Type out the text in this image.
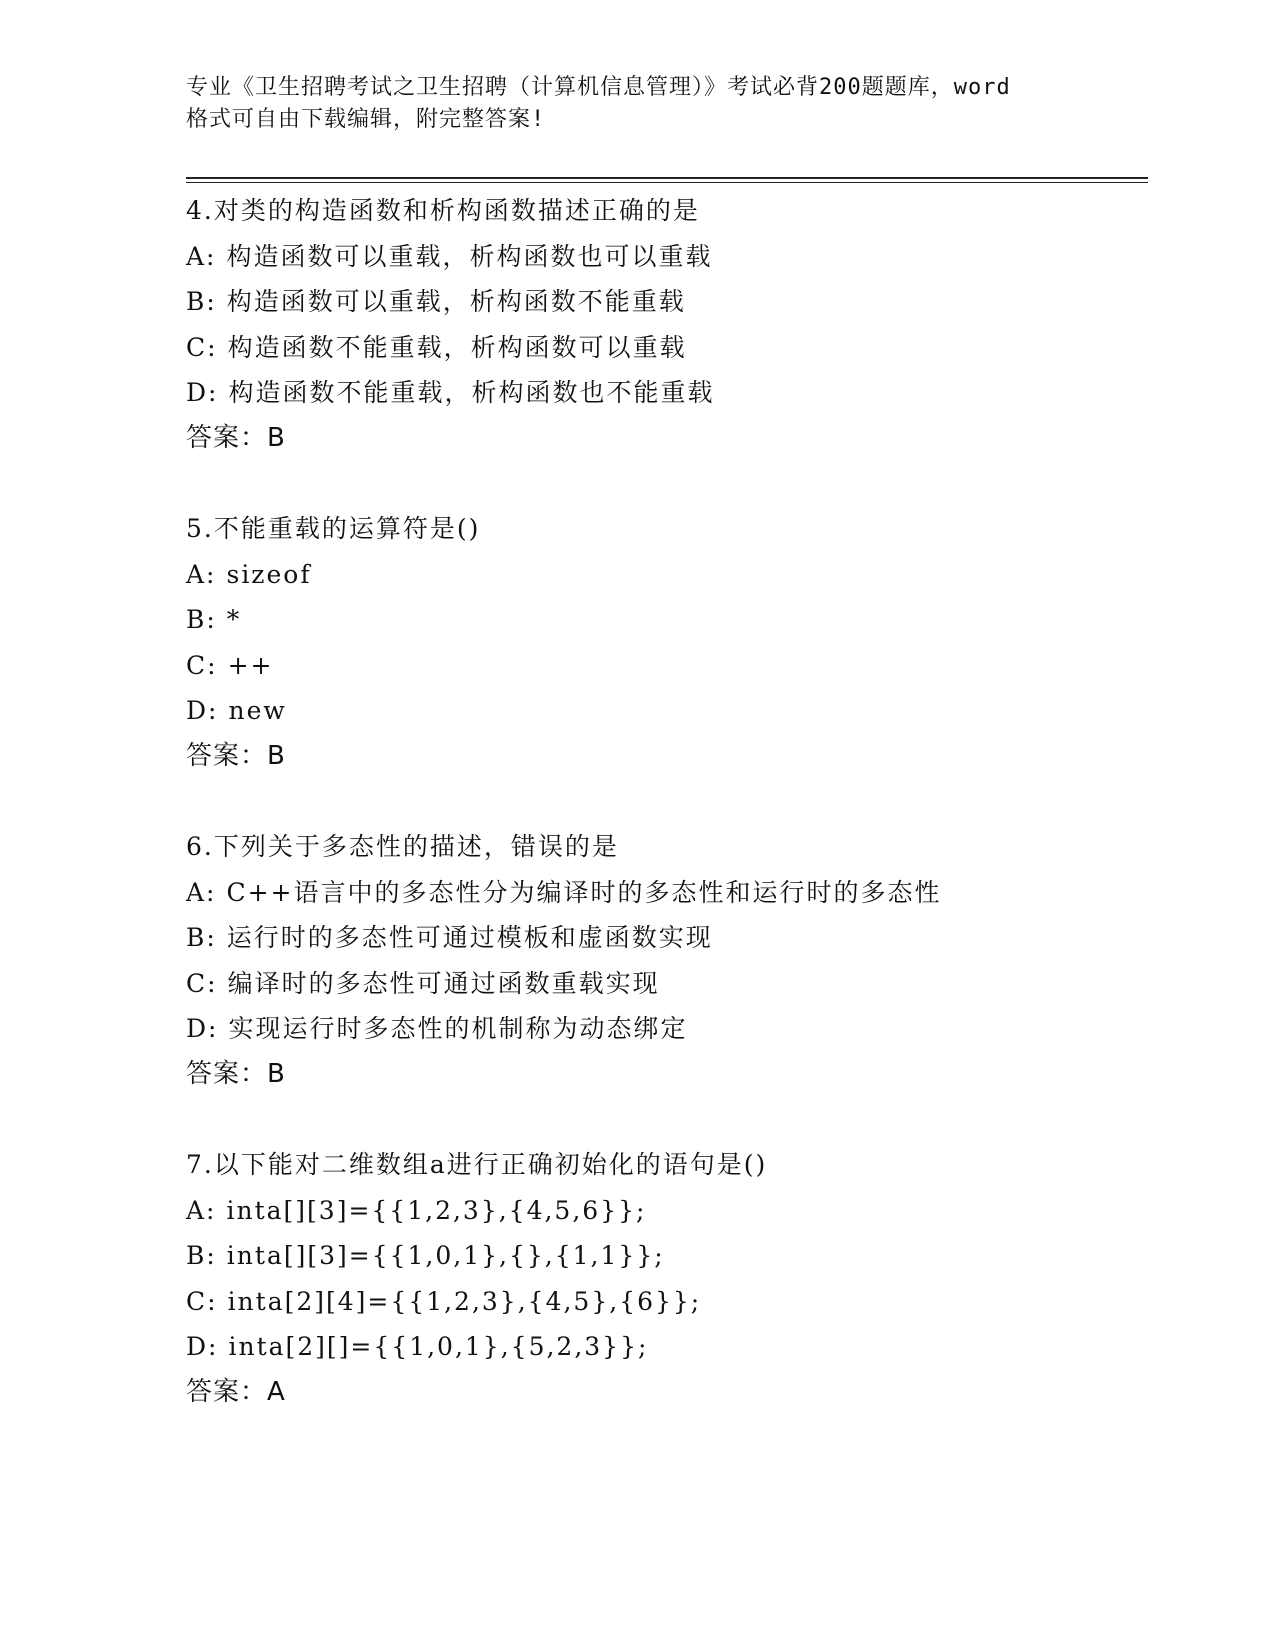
专业《卫生招聘考试之卫生招聘（计算机信息管理）》考试必背200题题库，word
格式可自由下载编辑，附完整答案!
4.对类的构造函数和析构函数描述正确的是
A: 构造函数可以重载，析构函数也可以重载
B: 构造函数可以重载，析构函数不能重载
C: 构造函数不能重载，析构函数可以重载
D: 构造函数不能重载，析构函数也不能重载
答案：B
5.不能重载的运算符是()
A: sizeof
B: *
C: ++
D: new
答案：B
6.下列关于多态性的描述，错误的是
A: C++语言中的多态性分为编译时的多态性和运行时的多态性
B: 运行时的多态性可通过模板和虚函数实现
C: 编译时的多态性可通过函数重载实现
D: 实现运行时多态性的机制称为动态绑定
答案：B
7.以下能对二维数组a进行正确初始化的语句是()
A: inta[][3]={{1,2,3},{4,5,6}};
B: inta[][3]={{1,0,1},{},{1,1}};
C: inta[2][4]={{1,2,3},{4,5},{6}};
D: inta[2][]={{1,0,1},{5,2,3}};
答案：A
